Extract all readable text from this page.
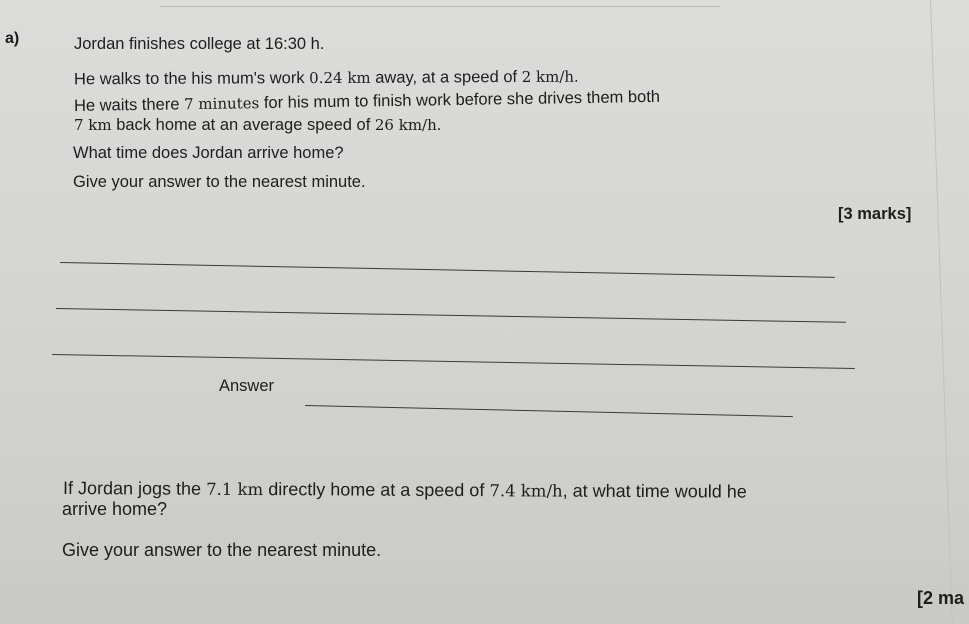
a)	Jordan finishes college at 16:30 h.
He walks to the his mum's work 0.24 km away, at a speed of 2 km/h.
He waits there 7 minutes for his mum to finish work before she drives them both
7 km back home at an average speed of 26 km/h.
What time does Jordan arrive home?
Give your answer to the nearest minute.
[3 marks]
Answer
If Jordan jogs the 7.1 km directly home at a speed of 7.4 km/h, at what time would he
arrive home?
Give your answer to the nearest minute.
[2 ma
